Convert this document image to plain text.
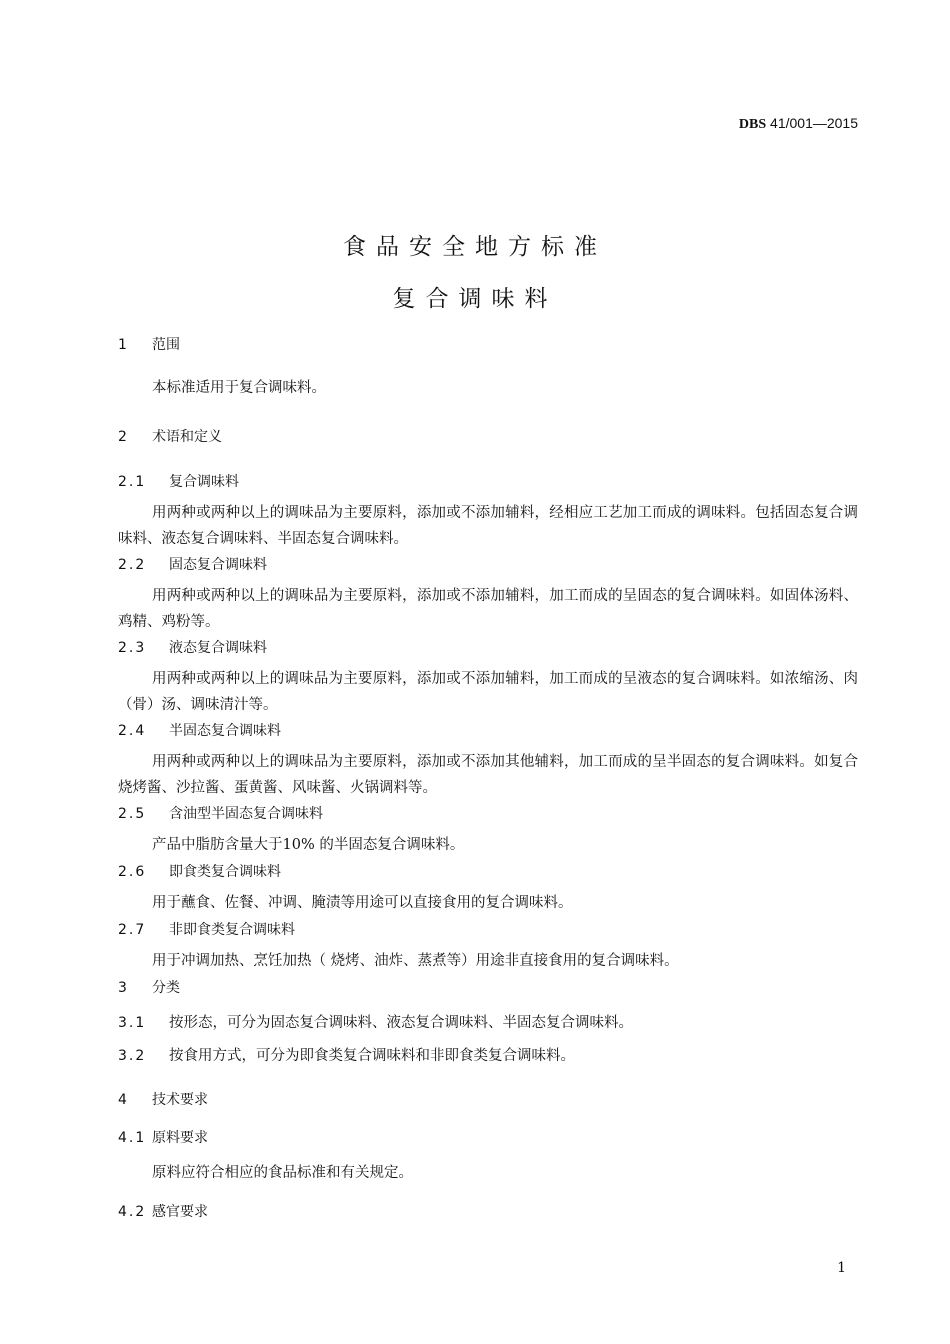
DBS 41/001—2015
食品安全地方标准
复合调味料
1 范围
本标准适用于复合调味料。
2 术语和定义
2.1 复合调味料
用两种或两种以上的调味品为主要原料，添加或不添加辅料，经相应工艺加工而成的调味料。包括固态复合调味料、液态复合调味料、半固态复合调味料。
2.2 固态复合调味料
用两种或两种以上的调味品为主要原料，添加或不添加辅料，加工而成的呈固态的复合调味料。如固体汤料、鸡精、鸡粉等。
2.3 液态复合调味料
用两种或两种以上的调味品为主要原料，添加或不添加辅料，加工而成的呈液态的复合调味料。如浓缩汤、肉（骨）汤、调味清汁等。
2.4 半固态复合调味料
用两种或两种以上的调味品为主要原料，添加或不添加其他辅料，加工而成的呈半固态的复合调味料。如复合烧烤酱、沙拉酱、蛋黄酱、风味酱、火锅调料等。
2.5 含油型半固态复合调味料
产品中脂肪含量大于10% 的半固态复合调味料。
2.6 即食类复合调味料
用于蘸食、佐餐、冲调、腌渍等用途可以直接食用的复合调味料。
2.7 非即食类复合调味料
用于冲调加热、烹饪加热（ 烧烤、油炸、蒸煮等）用途非直接食用的复合调味料。
3 分类
3.1 按形态，可分为固态复合调味料、液态复合调味料、半固态复合调味料。
3.2 按食用方式，可分为即食类复合调味料和非即食类复合调味料。
4 技术要求
4.1 原料要求
原料应符合相应的食品标准和有关规定。
4.2 感官要求
1
